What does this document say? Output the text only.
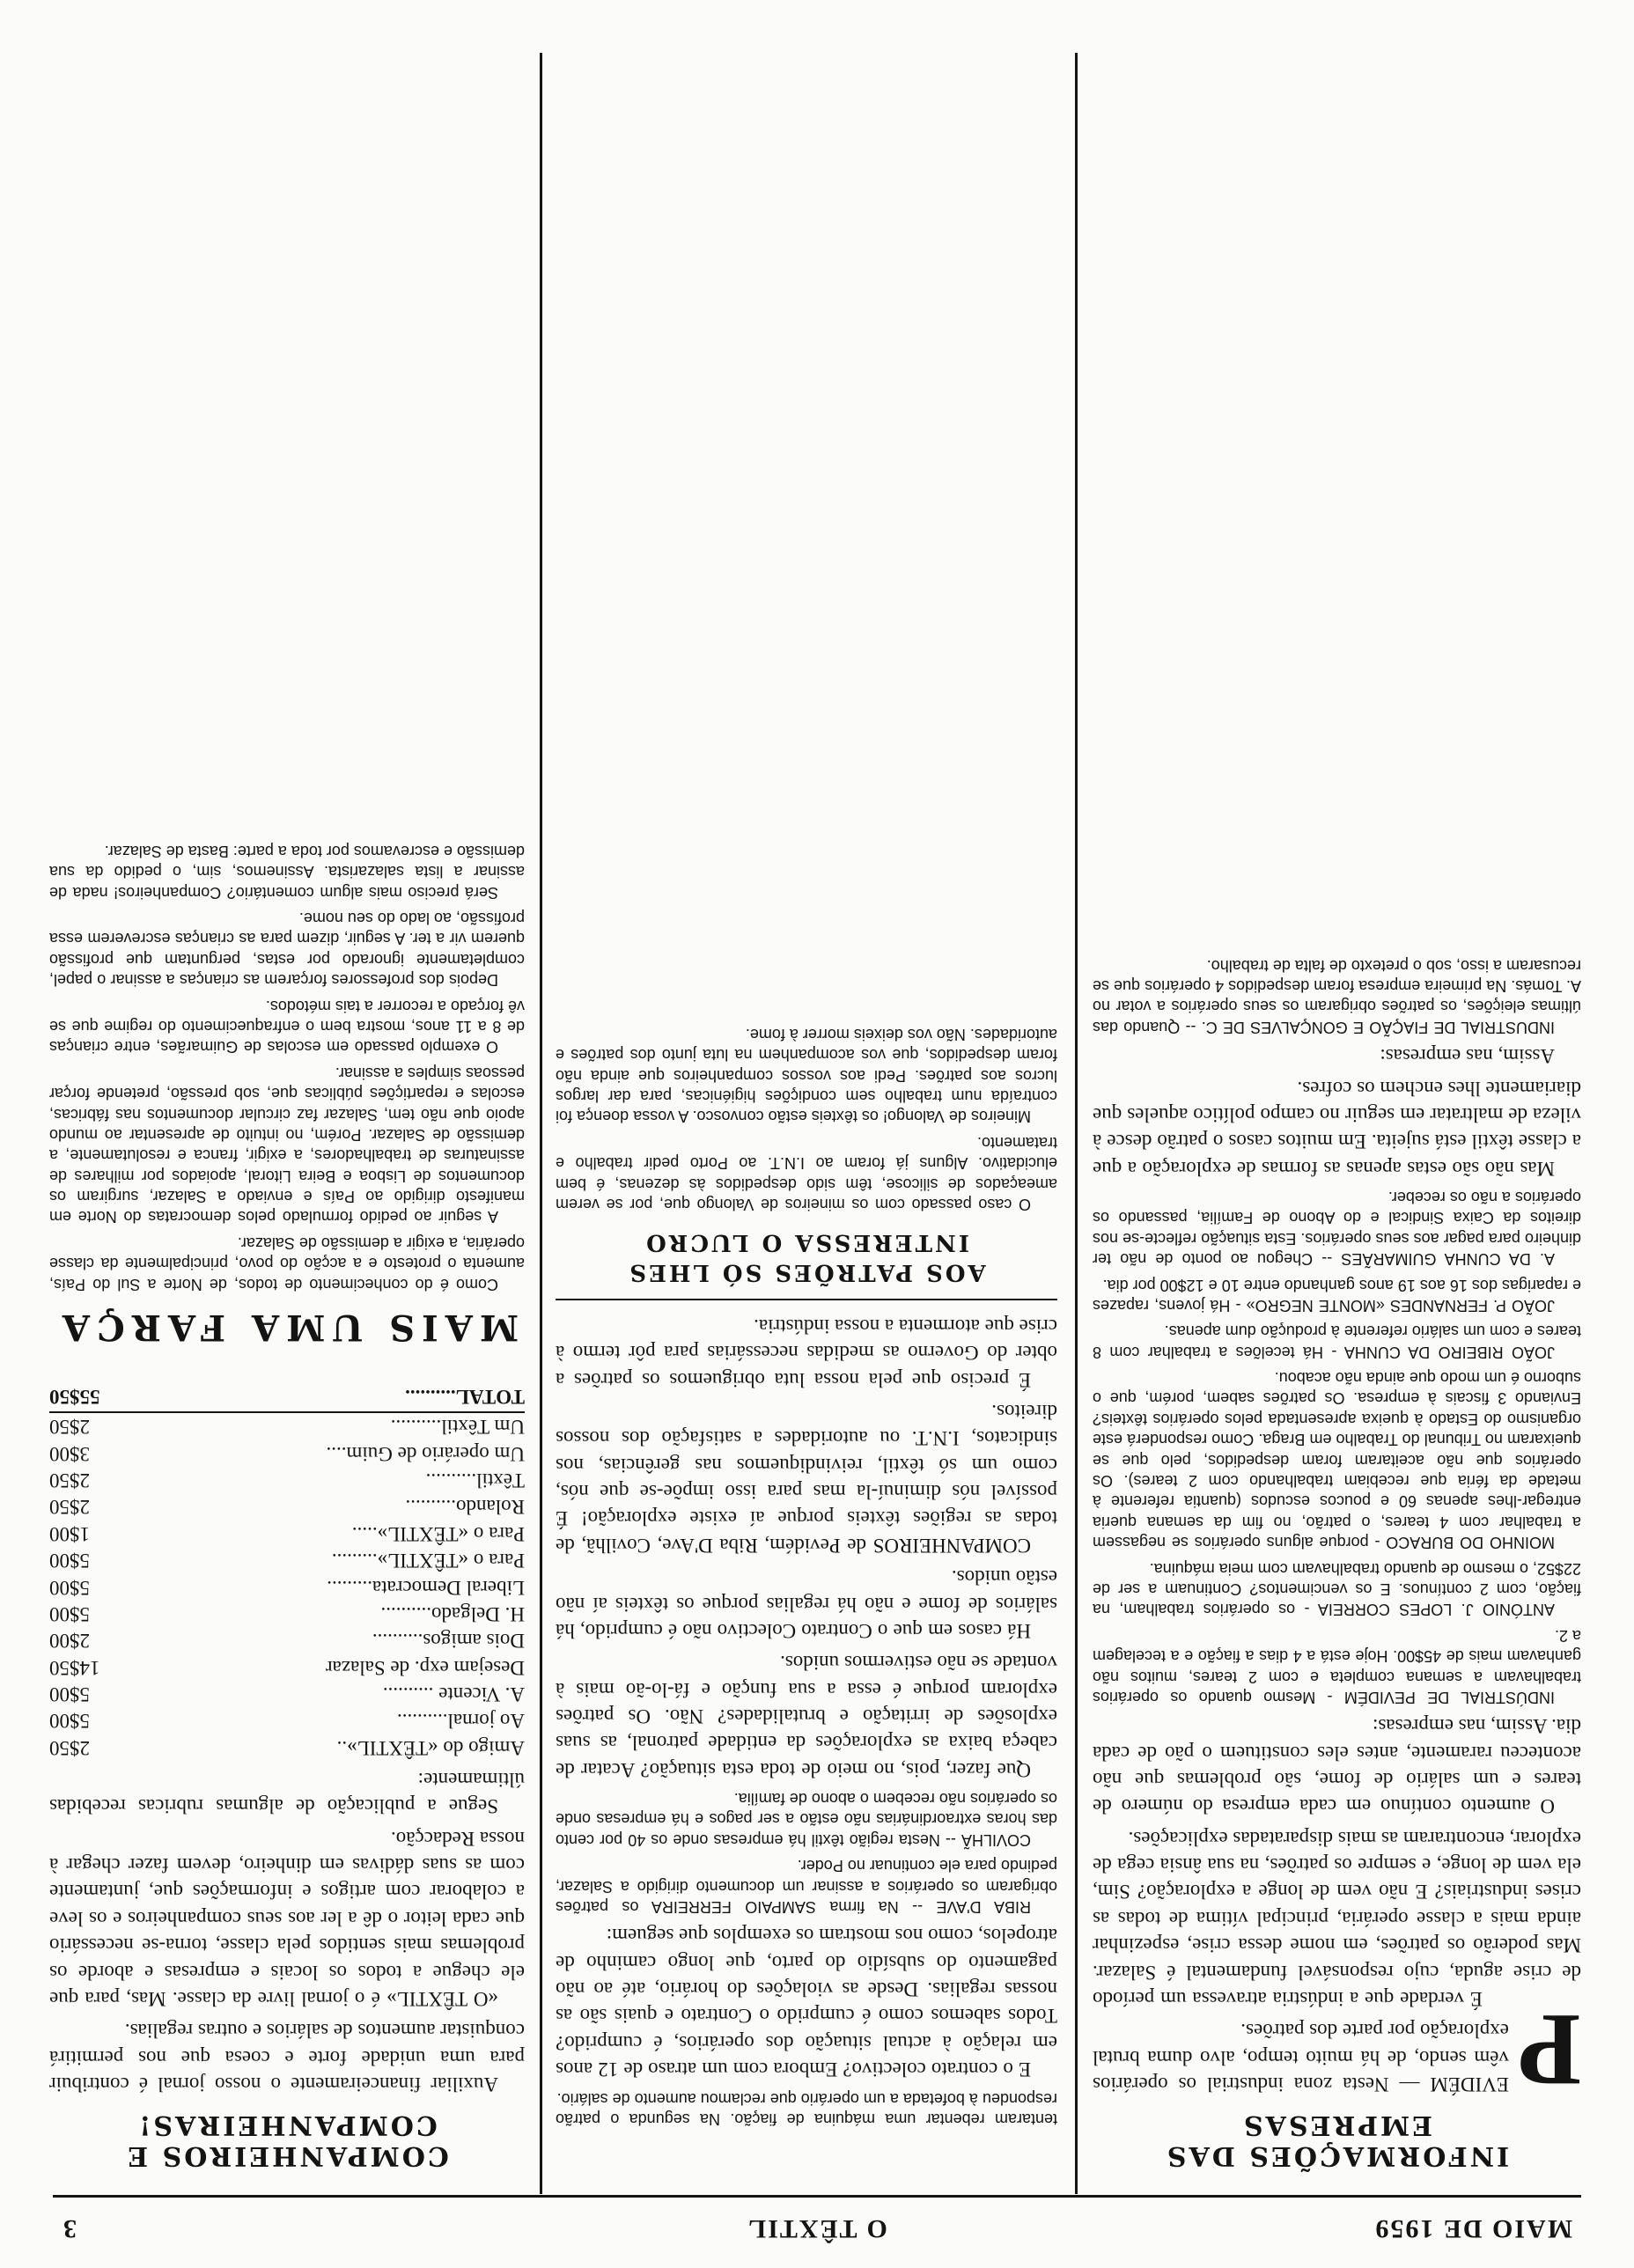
MAIO DE 1959
O TÊXTIL
3
INFORMAÇÕES DAS EMPRESAS
P

EVIDÉM — Nesta zona industrial os operários vêm sendo, de há muito tempo, alvo duma brutal exploração por parte dos patrões.

É verdade que a indústria atravessa um período de crise aguda, cujo responsável fundamental é Salazar. Mas poderão os patrões, em nome dessa crise, espezinhar ainda mais a classe operária, principal vítima de todas as crises industriais? E não vem de longe a exploração? Sim, ela vem de longe, e sempre os patrões, na sua ânsia cega de explorar, encontraram as mais disparatadas explicações.

O aumento contínuo em cada empresa do número de teares e um salário de fome, são problemas que não aconteceu raramente, antes eles constituem o pão de cada dia. Assim, nas empresas:

INDÚSTRIAL DE PEVIDÉM - Mesmo quando os operários trabalhavam a semana completa e com 2 teares, muitos não ganhavam mais de 45$00. Hoje está a 4 dias a fiação e a tecelagem a 2.

ANTÓNIO J. LOPES CORREIA - os operários trabalham, na fiação, com 2 contínuos. E os vencimentos? Continuam a ser de 22$52, o mesmo de quando trabalhavam com meia máquina.

MOINHO DO BURACO - porque alguns operários se negassem a trabalhar com 4 teares, o patrão, no fim da semana queria entregar-lhes apenas 60 e poucos escudos (quantia referente à metade da féria que recebiam trabalhando com 2 teares). Os operários que não aceitaram foram despedidos, pelo que se queixaram no Tribunal do Trabalho em Braga. Como responderá este organismo do Estado à queixa apresentada pelos operários têxteis? Enviando 3 fiscais à empresa. Os patrões sabem, porém, que o suborno é um modo que ainda não acabou.

JOÃO RIBEIRO DA CUNHA - Há tecelões a trabalhar com 8 teares e com um salário referente à produção dum apenas.

JOÃO P. FERNANDES «MONTE NEGRO» - Há jovens, rapazes e raparigas dos 16 aos 19 anos ganhando entre 10 e 12$00 por dia.

A. DA CUNHA GUIMARÃES -- Chegou ao ponto de não ter dinheiro para pagar aos seus operários. Esta situação reflecte-se nos direitos da Caixa Sindical e do Abono de Família, passando os operários a não os receber.

Mas não são estas apenas as formas de exploração a que a classe têxtil está sujeita. Em muitos casos o patrão desce à vileza de maltratar em seguir no campo político aqueles que diariamente lhes enchem os cofres.

Assim, nas empresas:

INDUSTRIAL DE FIAÇÃO E GONÇALVES DE C. -- Quando das últimas eleições, os patrões obrigaram os seus operários a votar no A. Tomás. Na primeira empresa foram despedidos 4 operários que se recusaram a isso, sob o pretexto de falta de trabalho.

tentaram rebentar uma máquina de fiação. Na segunda o patrão respondeu à bofetada a um operário que reclamou aumento de salário.

E o contrato colectivo? Embora com um atraso de 12 anos em relação à actual situação dos operários, é cumprido? Todos sabemos como é cumprido o Contrato e quais são as nossas regalias. Desde as violações do horário, até ao não pagamento do subsídio do parto, que longo caminho de atropelos, como nos mostram os exemplos que seguem:

RIBA D'AVE -- Na firma SAMPAIO FERREIRA os patrões obrigaram os operários a assinar um documento dirigido a Salazar, pedindo para ele continuar no Poder.

COVILHÃ -- Nesta região têxtil há empresas onde os 40 por cento das horas extraordinárias não estão a ser pagos e há empresas onde os operários não recebem o abono de família.

Que fazer, pois, no meio de toda esta situação? Acatar de cabeça baixa as explorações da entidade patronal, as suas explosões de irritação e brutalidades? Não. Os patrões exploram porque é essa a sua função e fá-lo-ão mais à vontade se não estivermos unidos.

Há casos em que o Contrato Colectivo não é cumprido, há salários de fome e não há regalias porque os têxteis aí não estão unidos.

COMPANHEIROS de Pevidém, Riba D'Ave, Covilhã, de todas as regiões têxteis porque aí existe exploração! É possível nós diminuí-la mas para isso impõe-se que nós, como um só têxtil, reivindiquemos nas gerências, nos sindicatos, I.N.T. ou autoridades a satisfação dos nossos direitos.

É preciso que pela nossa luta obriguemos os patrões a obter do Governo as medidas necessárias para pôr termo à crise que atormenta a nossa indústria.

AOS PATRÕES SÓ LHES INTERESSA O LUCRO

O caso passado com os mineiros de Valongo que, por se verem ameaçados de silicose, têm sido despedidos às dezenas, é bem elucidativo. Alguns já foram ao I.N.T. ao Porto pedir trabalho e tratamento.

Mineiros de Valongo! os têxteis estão convosco. A vossa doença foi contraída num trabalho sem condições higiénicas, para dar largos lucros aos patrões. Pedi aos vossos companheiros que ainda não foram despedidos, que vos acompanhem na luta junto dos patrões e autoridades. Não vos deixeis morrer à fome.

COMPANHEIROS E COMPANHEIRAS!

Auxiliar financeiramente o nosso jornal é contribuir para uma unidade forte e coesa que nos permitirá conquistar aumentos de salários e outras regalias.

«O TÊXTIL» é o jornal livre da classe. Mas, para que ele chegue a todos os locais e empresas e aborde os problemas mais sentidos pela classe, torna-se necessário que cada leitor o dê a ler aos seus companheiros e os leve a colaborar com artigos e informações que, juntamente com as suas dádivas em dinheiro, devem fazer chegar à nossa Redacção.

Segue a publicação de algumas rubricas recebidas últimamente:

Amigo do «TÊXTIL»..	2$50
Ao jornal..........	5$00
A. Vicente ..........	5$00
Desejam exp. de Salazar	14$50
Dois amigos..........	2$00
H. Delgado..........	5$00
Liberal Democrata.........	5$00
Para o «TÊXTIL».........	5$00
Para o «TÊXTIL».....	1$00
Rolando..........	2$50
Têxtil..........	2$50
Um operário de Guim....	3$00
Um Têxtil..........	2$50
TOTAL..........	55$50
MAIS UMA FARÇA

Como é do conhecimento de todos, de Norte a Sul do País, aumenta o protesto e a acção do povo, principalmente da classe operária, a exigir a demissão de Salazar.

A seguir ao pedido formulado pelos democratas do Norte em manifesto dirigido ao País e enviado a Salazar, surgiram os documentos de Lisboa e Beira Litoral, apoiados por milhares de assinaturas de trabalhadores, a exigir, franca e resolutamente, a demissão de Salazar. Porém, no intuito de apresentar ao mundo apoio que não tem, Salazar faz circular documentos nas fábricas, escolas e repartições públicas que, sob pressão, pretende forçar pessoas simples a assinar.

O exemplo passado em escolas de Guimarães, entre crianças de 8 a 11 anos, mostra bem o enfraquecimento do regime que se vê forçado a recorrer a tais métodos.

Depois dos professores forçarem as crianças a assinar o papel, completamente ignorado por estas, perguntam que profissão querem vir a ter. A seguir, dizem para as crianças escreverem essa profissão, ao lado do seu nome.

Será preciso mais algum comentário? Companheiros! nada de assinar a lista salazarista. Assinemos, sim, o pedido da sua demissão e escrevamos por toda a parte: Basta de Salazar.
